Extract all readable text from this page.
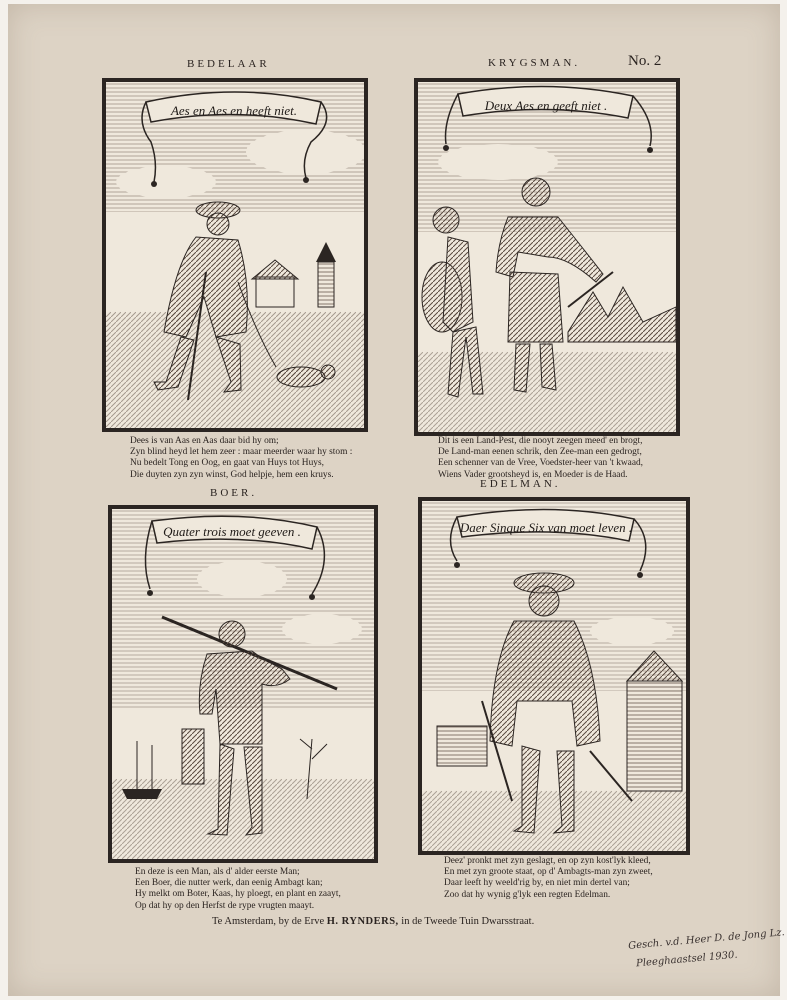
BEDELAAR	KRYGSMAN.	No. 2
BOER.
EDELMAN.
Aes en Aes en heeft niet.	Deux Aes en geeft niet .
Dees is van Aas en Aas daar bid hy om;
Zyn blind heyd let hem zeer : maar meerder waar hy stom :
Nu bedelt Tong en Oog, en gaat van Huys tot Huys,
Die duyten zyn zyn winst, God helpje, hem een kruys.
Dit is een Land-Pest, die nooyt zeegen meed' en brogt,
De Land-man eenen schrik, den Zee-man een gedrogt,
Een schenner van de Vree, Voedster-heer van 't kwaad,
Wiens Vader grootsheyd is, en Moeder is de Haad.
Quater trois moet geeven .	Daer Sinque Six van moet leven .
En deze is een Man, als d' alder eerste Man;
Een Boer, die nutter werk, dan eenig Ambagt kan;
Hy melkt om Boter, Kaas, hy ploegt, en plant en zaayt,
Op dat hy op den Herfst de rype vrugten maayt.
Deez' pronkt met zyn geslagt, en op zyn kost'lyk kleed,
En met zyn groote staat, op d' Ambagts-man zyn zweet,
Daar leeft hy weeld'rig by, en niet min dertel van;
Zoo dat hy wynig g'lyk een regten Edelman.
Te Amsterdam, by de Erve H. RYNDERS, in de Tweede Tuin Dwarsstraat.
Gesch. v.d. Heer D. de Jong Lz.
Pleeghaastsel 1930.
